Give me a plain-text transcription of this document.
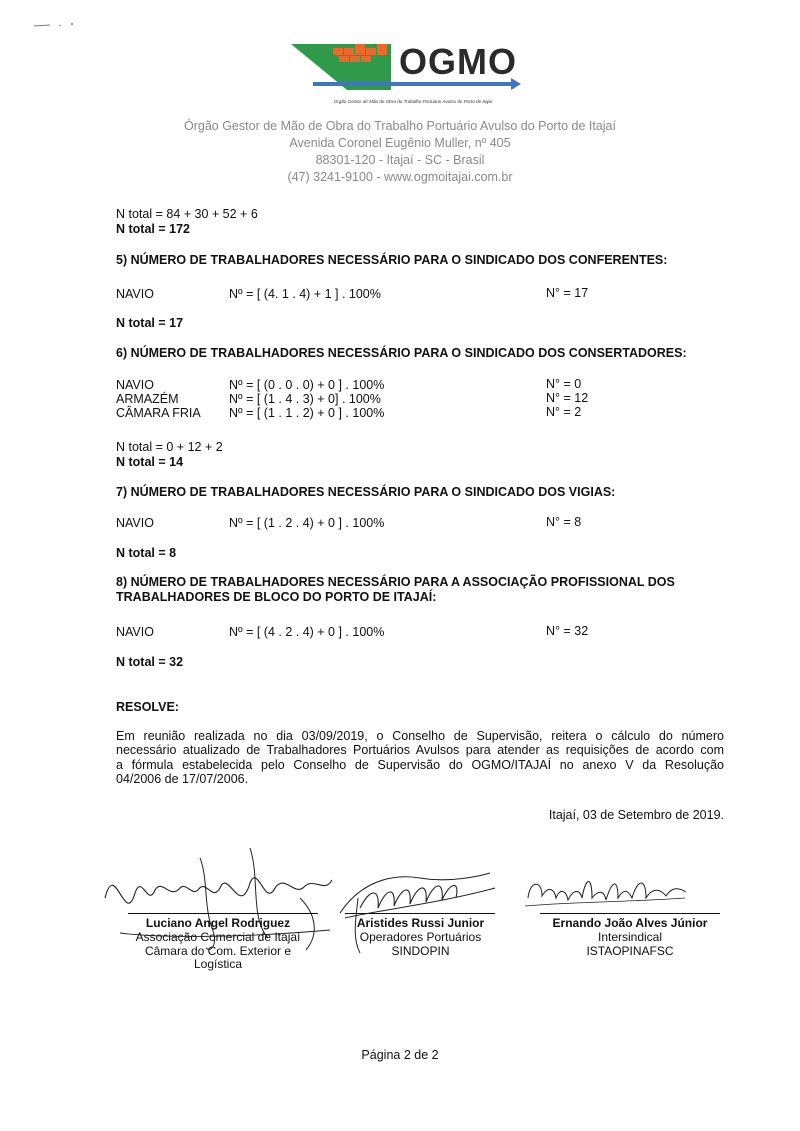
OGMO
Órgão Gestor de Mão de Obra do Trabalho Portuário Avulso do Porto de Itajaí
Órgão Gestor de Mão de Obra do Trabalho Portuário Avulso do Porto de Itajaí
Avenida Coronel Eugênio Muller, nº 405
88301-120 - Itajaí - SC - Brasil
(47) 3241-9100 - www.ogmoitajai.com.br
N total = 84 + 30 + 52 + 6
N total = 172
5) NÚMERO DE TRABALHADORES NECESSÁRIO PARA O SINDICADO DOS CONFERENTES:
NAVIO	Nº = [ (4. 1 . 4) + 1 ] . 100%	N° = 17
N total = 17
6) NÚMERO DE TRABALHADORES NECESSÁRIO PARA O SINDICADO DOS CONSERTADORES:
NAVIO	Nº = [ (0 . 0 . 0) + 0 ] . 100%	N° = 0
ARMAZÉM	Nº = [ (1 . 4 . 3) + 0] . 100%	N° = 12
CÂMARA FRIA Nº = [ (1 . 1 . 2) + 0 ] . 100%	N° = 2
N total = 0 + 12 + 2
N total = 14
7) NÚMERO DE TRABALHADORES NECESSÁRIO PARA O SINDICADO DOS VIGIAS:
NAVIO	Nº = [ (1 . 2 . 4) + 0 ] . 100%	N° = 8
N total = 8
8) NÚMERO DE TRABALHADORES NECESSÁRIO PARA A ASSOCIAÇÃO PROFISSIONAL DOS
TRABALHADORES DE BLOCO DO PORTO DE ITAJAÍ:
NAVIO	Nº = [ (4 . 2 . 4) + 0 ] . 100%	N° = 32
N total = 32
RESOLVE:
Em reunião realizada no dia 03/09/2019, o Conselho de Supervisão, reitera o cálculo do número
necessário atualizado de Trabalhadores Portuários Avulsos para atender as requisições de acordo com
a fórmula estabelecida pelo Conselho de Supervisão do OGMO/ITAJAÍ no anexo V da Resolução
04/2006 de 17/07/2006.
Itajaí, 03 de Setembro de 2019.
Luciano Angel Rodriguez
Associação Comercial de Itajaí
Câmara do Com. Exterior e
Logística
Aristides Russi Junior
Operadores Portuários
SINDOPIN
Ernando João Alves Júnior
Intersindical
ISTAOPINAFSC
Página 2 de 2
